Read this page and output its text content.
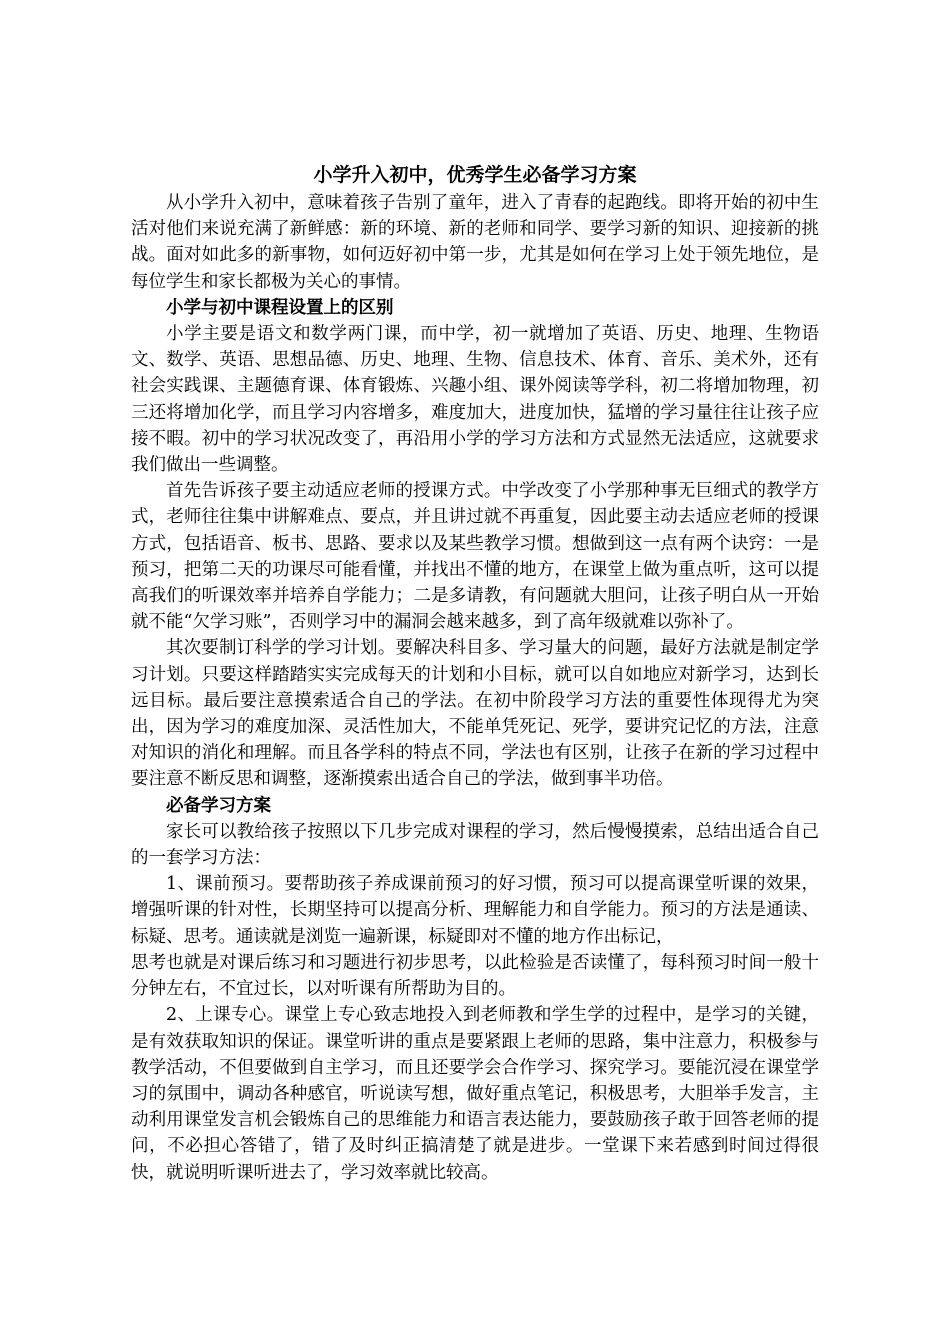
小学升入初中，优秀学生必备学习方案

从小学升入初中，意味着孩子告别了童年，进入了青春的起跑线。即将开始的初中生活对他们来说充满了新鲜感：新的环境、新的老师和同学、要学习新的知识、迎接新的挑战。面对如此多的新事物，如何迈好初中第一步，尤其是如何在学习上处于领先地位，是每位学生和家长都极为关心的事情。

小学与初中课程设置上的区别

小学主要是语文和数学两门课，而中学，初一就增加了英语、历史、地理、生物语文、数学、英语、思想品德、历史、地理、生物、信息技术、体育、音乐、美术外，还有社会实践课、主题德育课、体育锻炼、兴趣小组、课外阅读等学科，初二将增加物理，初三还将增加化学，而且学习内容增多，难度加大，进度加快，猛增的学习量往往让孩子应接不暇。初中的学习状况改变了，再沿用小学的学习方法和方式显然无法适应，这就要求我们做出一些调整。

首先告诉孩子要主动适应老师的授课方式。中学改变了小学那种事无巨细式的教学方式，老师往往集中讲解难点、要点，并且讲过就不再重复，因此要主动去适应老师的授课方式，包括语音、板书、思路、要求以及某些教学习惯。想做到这一点有两个诀窍：一是预习，把第二天的功课尽可能看懂，并找出不懂的地方，在课堂上做为重点听，这可以提高我们的听课效率并培养自学能力；二是多请教，有问题就大胆问，让孩子明白从一开始就不能“欠学习账”，否则学习中的漏洞会越来越多，到了高年级就难以弥补了。

其次要制订科学的学习计划。要解决科目多、学习量大的问题，最好方法就是制定学习计划。只要这样踏踏实实完成每天的计划和小目标，就可以自如地应对新学习，达到长远目标。最后要注意摸索适合自己的学法。在初中阶段学习方法的重要性体现得尤为突出，因为学习的难度加深、灵活性加大，不能单凭死记、死学，要讲究记忆的方法，注意对知识的消化和理解。而且各学科的特点不同，学法也有区别，让孩子在新的学习过程中要注意不断反思和调整，逐渐摸索出适合自己的学法，做到事半功倍。

必备学习方案

家长可以教给孩子按照以下几步完成对课程的学习，然后慢慢摸索，总结出适合自己的一套学习方法：

1、课前预习。要帮助孩子养成课前预习的好习惯，预习可以提高课堂听课的效果，增强听课的针对性，长期坚持可以提高分析、理解能力和自学能力。预习的方法是通读、标疑、思考。通读就是浏览一遍新课，标疑即对不懂的地方作出标记，

思考也就是对课后练习和习题进行初步思考，以此检验是否读懂了，每科预习时间一般十分钟左右，不宜过长，以对听课有所帮助为目的。

2、上课专心。课堂上专心致志地投入到老师教和学生学的过程中，是学习的关键，是有效获取知识的保证。课堂听讲的重点是要紧跟上老师的思路，集中注意力，积极参与教学活动，不但要做到自主学习，而且还要学会合作学习、探究学习。要能沉浸在课堂学习的氛围中，调动各种感官，听说读写想，做好重点笔记，积极思考，大胆举手发言，主动利用课堂发言机会锻炼自己的思维能力和语言表达能力，要鼓励孩子敢于回答老师的提问，不必担心答错了，错了及时纠正搞清楚了就是进步。一堂课下来若感到时间过得很快，就说明听课听进去了，学习效率就比较高。
